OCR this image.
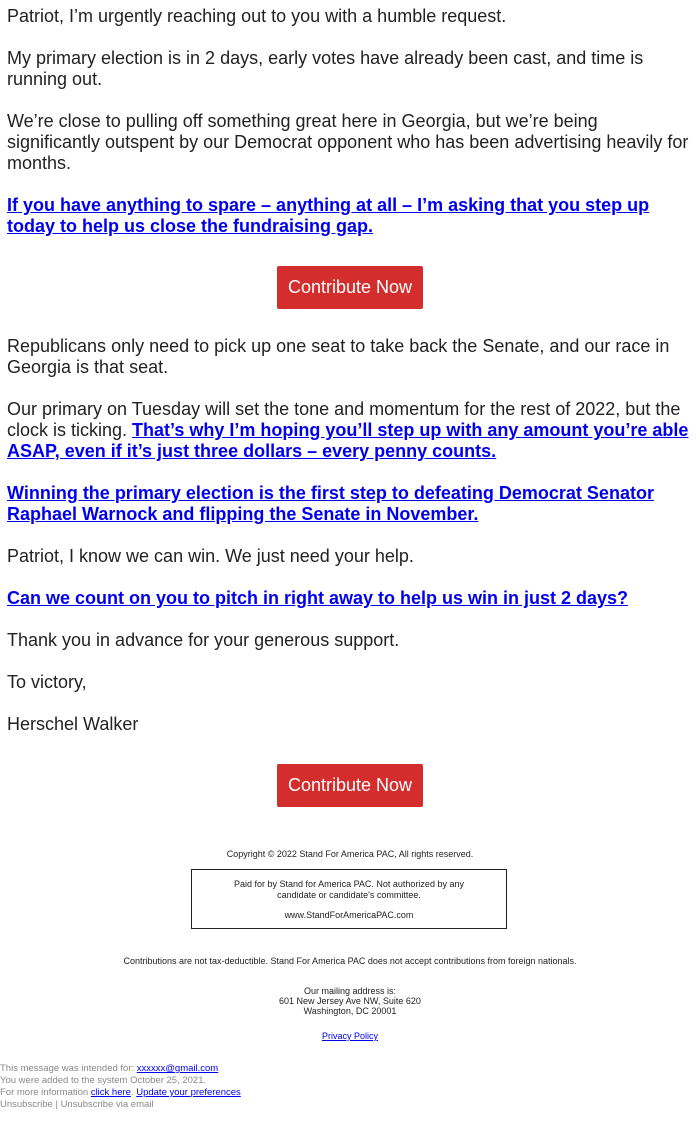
Patriot, I’m urgently reaching out to you with a humble request.

My primary election is in 2 days, early votes have already been cast, and time is running out.

We’re close to pulling off something great here in Georgia, but we’re being significantly outspent by our Democrat opponent who has been advertising heavily for months.

If you have anything to spare – anything at all – I’m asking that you step up today to help us close the fundraising gap.

Contribute Now

Republicans only need to pick up one seat to take back the Senate, and our race in Georgia is that seat.

Our primary on Tuesday will set the tone and momentum for the rest of 2022, but the clock is ticking. That’s why I’m hoping you’ll step up with any amount you’re able ASAP, even if it’s just three dollars – every penny counts.

Winning the primary election is the first step to defeating Democrat Senator Raphael Warnock and flipping the Senate in November.

Patriot, I know we can win. We just need your help.

Can we count on you to pitch in right away to help us win in just 2 days?

Thank you in advance for your generous support.

To victory,

Herschel Walker

Contribute Now
Copyright © 2022 Stand For America PAC, All rights reserved.
Paid for by Stand for America PAC. Not authorized by any candidate or candidate's committee.
www.StandForAmericaPAC.com
Contributions are not tax-deductible. Stand For America PAC does not accept contributions from foreign nationals.
Our mailing address is:
601 New Jersey Ave NW, Suite 620
Washington, DC 20001
Privacy Policy
This message was intended for: xxxxxx@gmail.com
You were added to the system October 25, 2021.
For more information click here. Update your preferences
Unsubscribe | Unsubscribe via email
